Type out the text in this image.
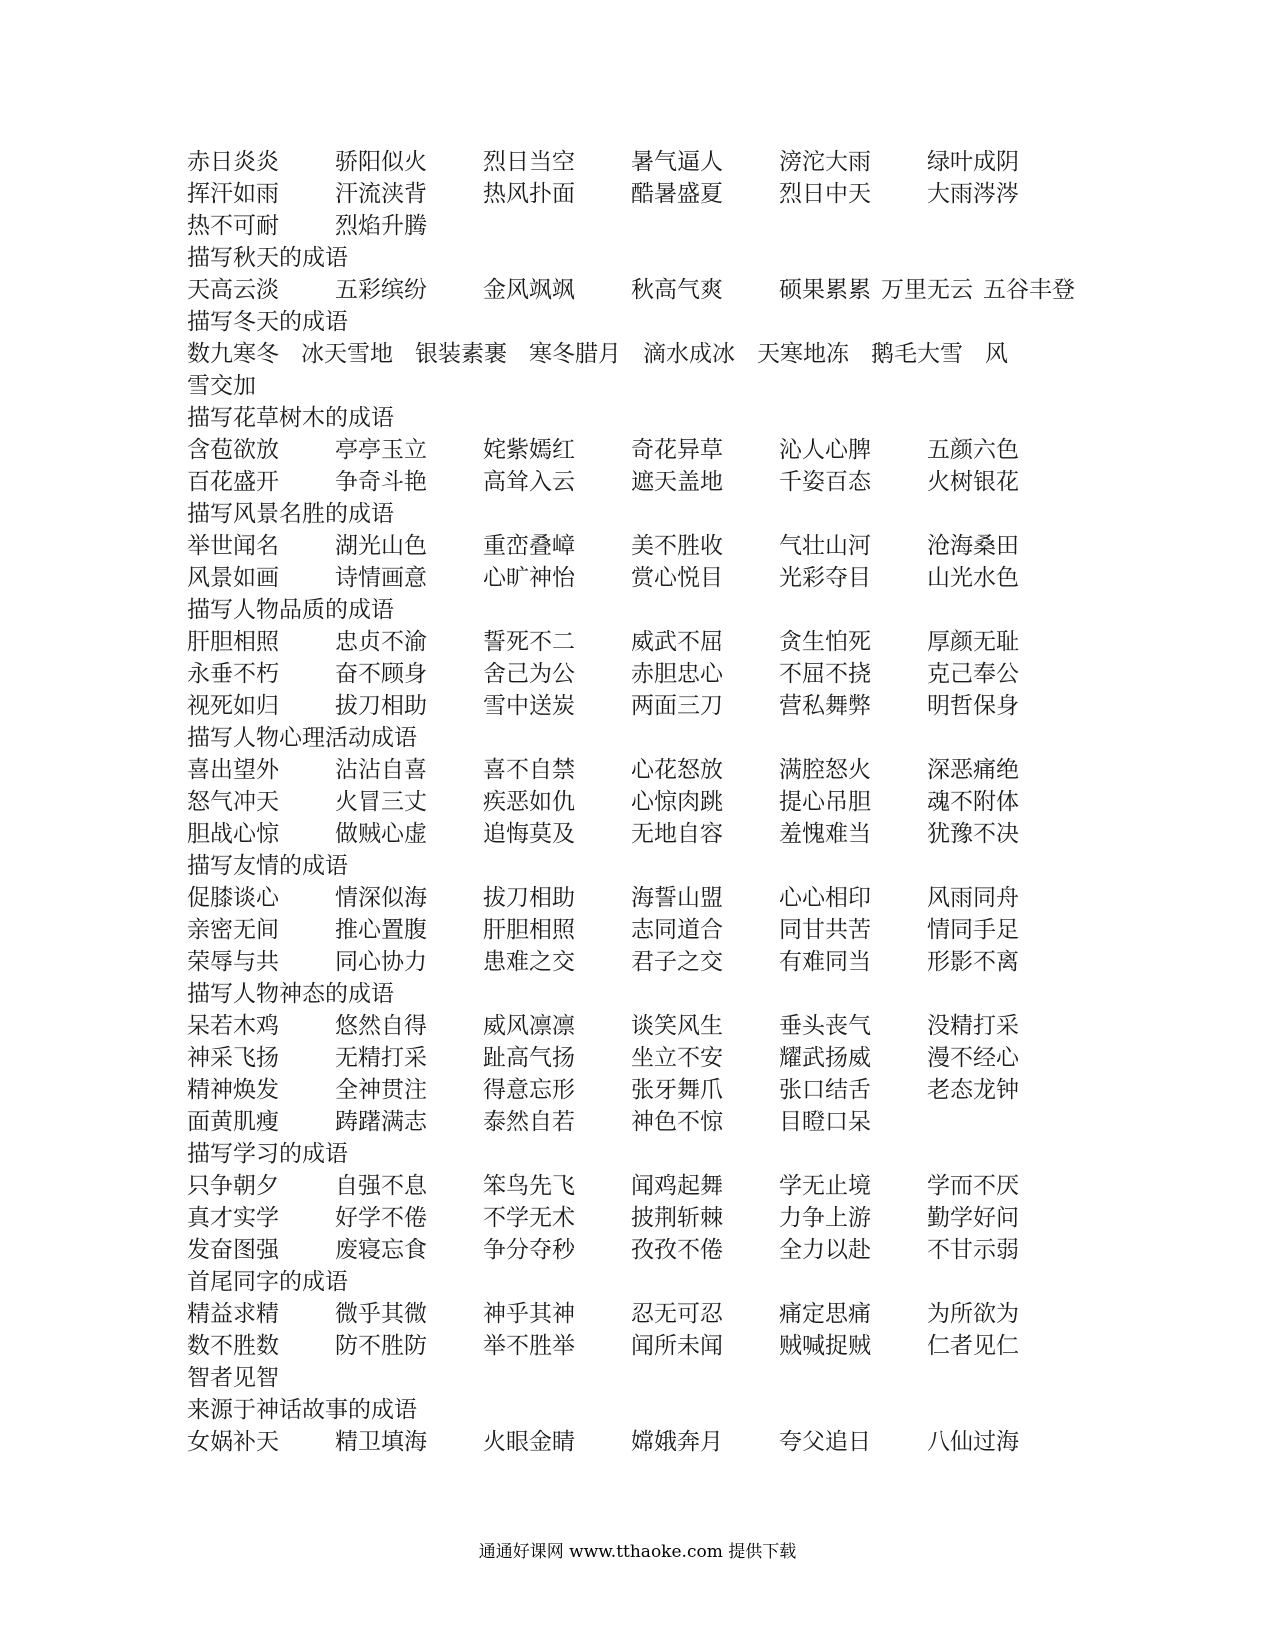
赤日炎炎 骄阳似火 烈日当空 暑气逼人 滂沱大雨 绿叶成阴
挥汗如雨 汗流浃背 热风扑面 酷暑盛夏 烈日中天 大雨涔涔
热不可耐 烈焰升腾
描写秋天的成语
天高云淡 五彩缤纷 金风飒飒 秋高气爽 硕果累累 万里无云 五谷丰登
描写冬天的成语
数九寒冬 冰天雪地 银装素裹 寒冬腊月 滴水成冰 天寒地冻 鹅毛大雪 风
雪交加
描写花草树木的成语
含苞欲放 亭亭玉立 姹紫嫣红 奇花异草 沁人心脾 五颜六色
百花盛开 争奇斗艳 高耸入云 遮天盖地 千姿百态 火树银花
描写风景名胜的成语
举世闻名 湖光山色 重峦叠嶂 美不胜收 气壮山河 沧海桑田
风景如画 诗情画意 心旷神怡 赏心悦目 光彩夺目 山光水色
描写人物品质的成语
肝胆相照 忠贞不渝 誓死不二 威武不屈 贪生怕死 厚颜无耻
永垂不朽 奋不顾身 舍己为公 赤胆忠心 不屈不挠 克己奉公
视死如归 拔刀相助 雪中送炭 两面三刀 营私舞弊 明哲保身
描写人物心理活动成语
喜出望外 沾沾自喜 喜不自禁 心花怒放 满腔怒火 深恶痛绝
怒气冲天 火冒三丈 疾恶如仇 心惊肉跳 提心吊胆 魂不附体
胆战心惊 做贼心虚 追悔莫及 无地自容 羞愧难当 犹豫不决
描写友情的成语
促膝谈心 情深似海 拔刀相助 海誓山盟 心心相印 风雨同舟
亲密无间 推心置腹 肝胆相照 志同道合 同甘共苦 情同手足
荣辱与共 同心协力 患难之交 君子之交 有难同当 形影不离
描写人物神态的成语
呆若木鸡 悠然自得 威风凛凛 谈笑风生 垂头丧气 没精打采
神采飞扬 无精打采 趾高气扬 坐立不安 耀武扬威 漫不经心
精神焕发 全神贯注 得意忘形 张牙舞爪 张口结舌 老态龙钟
面黄肌瘦 踌躇满志 泰然自若 神色不惊 目瞪口呆
描写学习的成语
只争朝夕 自强不息 笨鸟先飞 闻鸡起舞 学无止境 学而不厌
真才实学 好学不倦 不学无术 披荆斩棘 力争上游 勤学好问
发奋图强 废寝忘食 争分夺秒 孜孜不倦 全力以赴 不甘示弱
首尾同字的成语
精益求精 微乎其微 神乎其神 忍无可忍 痛定思痛 为所欲为
数不胜数 防不胜防 举不胜举 闻所未闻 贼喊捉贼 仁者见仁
智者见智
来源于神话故事的成语
女娲补天 精卫填海 火眼金睛 嫦娥奔月 夸父追日 八仙过海
通通好课网 www.tthaoke.com 提供下载
